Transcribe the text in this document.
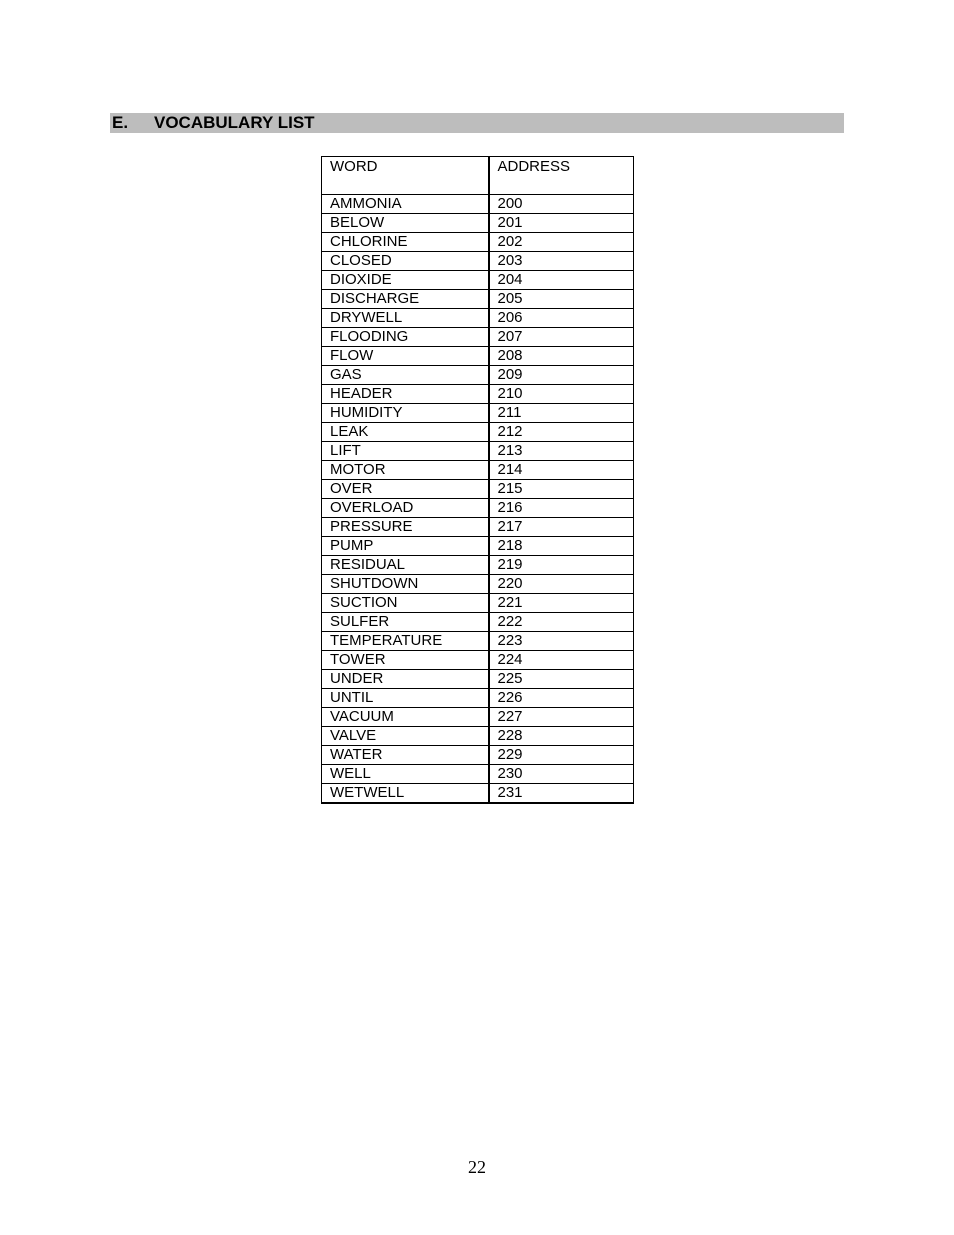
E. VOCABULARY LIST
WORD	ADDRESS
AMMONIA	200
BELOW	201
CHLORINE	202
CLOSED	203
DIOXIDE	204
DISCHARGE	205
DRYWELL	206
FLOODING	207
FLOW	208
GAS	209
HEADER	210
HUMIDITY	211
LEAK	212
LIFT	213
MOTOR	214
OVER	215
OVERLOAD	216
PRESSURE	217
PUMP	218
RESIDUAL	219
SHUTDOWN	220
SUCTION	221
SULFER	222
TEMPERATURE	223
TOWER	224
UNDER	225
UNTIL	226
VACUUM	227
VALVE	228
WATER	229
WELL	230
WETWELL	231
22
